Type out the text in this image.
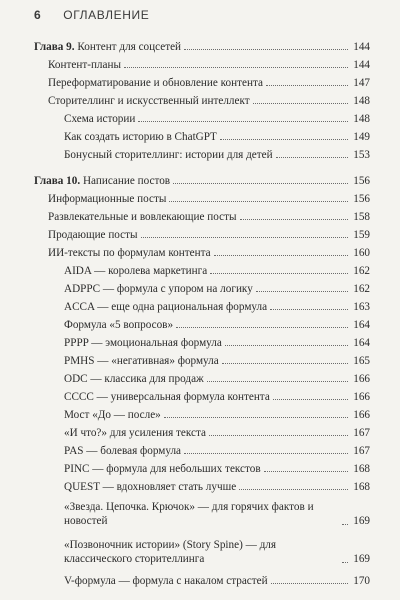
6 ОГЛАВЛЕНИЕ
Глава 9. Контент для соцсетей	144
Контент-планы	144
Переформатирование и обновление контента	147
Сторителлинг и искусственный интеллект	148
Схема истории	148
Как создать историю в ChatGPT	149
Бонусный сторителлинг: истории для детей	153
Глава 10. Написание постов	156
Информационные посты	156
Развлекательные и вовлекающие посты	158
Продающие посты	159
ИИ-тексты по формулам контента	160
AIDA — королева маркетинга	162
ADPPC — формула с упором на логику	162
ACCA — еще одна рациональная формула	163
Формула «5 вопросов»	164
PPPP — эмоциональная формула	164
PMHS — «негативная» формула	165
ODC — классика для продаж	166
CCCC — универсальная формула контента	166
Мост «До — после»	166
«И что?» для усиления текста	167
PAS — болевая формула	167
PINC — формула для небольших текстов	168
QUEST — вдохновляет стать лучше	168
«Звезда. Цепочка. Крючок» — для горячих фактов и новостей	169
«Позвоночник истории» (Story Spine) — для классического сторителлинга	169
V-формула — формула с накалом страстей	170
